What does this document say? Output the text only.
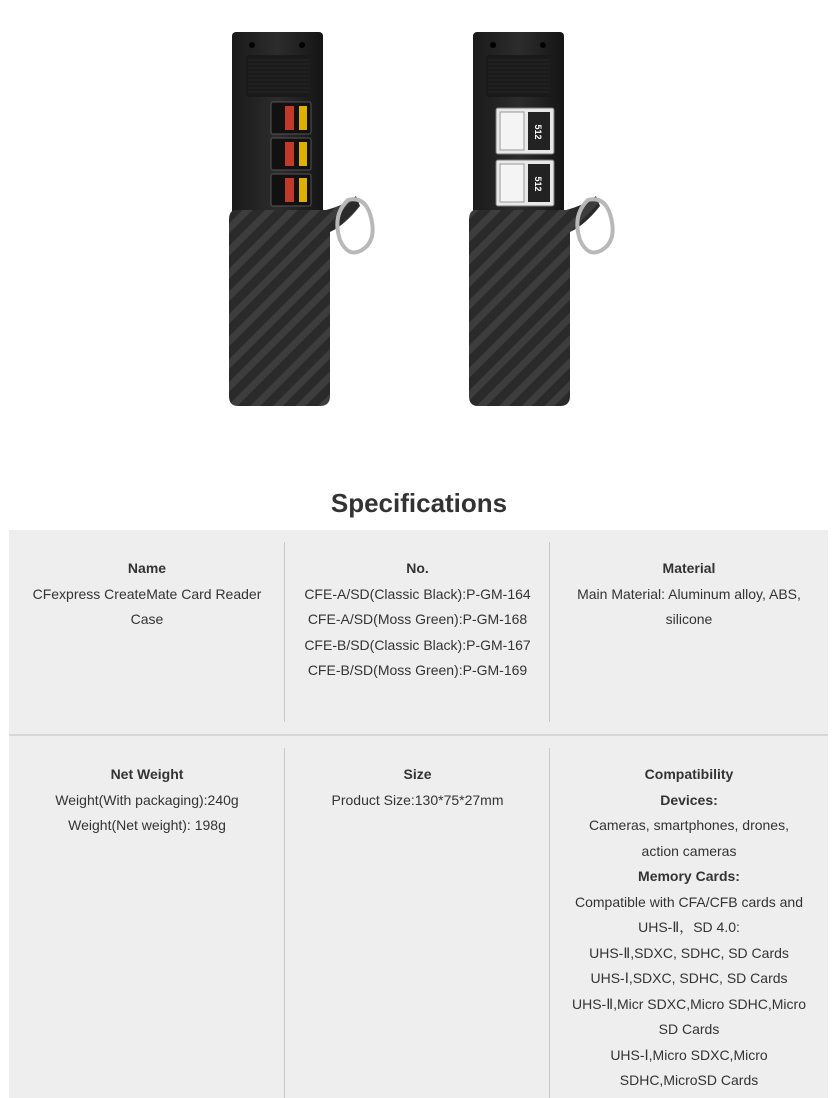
512
512
Specifications
Name
CFexpress CreateMate Card Reader
Case
No.
CFE-A/SD(Classic Black):P-GM-164
CFE-A/SD(Moss Green):P-GM-168
CFE-B/SD(Classic Black):P-GM-167
CFE-B/SD(Moss Green):P-GM-169
Material
Main Material: Aluminum alloy, ABS,
silicone
Net Weight
Weight(With packaging):240g
Weight(Net weight): 198g
Size
Product Size:130*75*27mm
Compatibility
Devices:
Cameras, smartphones, drones,
action cameras
Memory Cards:
Compatible with CFA/CFB cards and
UHS-Ⅱ，SD 4.0:
UHS-Ⅱ,SDXC, SDHC, SD Cards
UHS-Ⅰ,SDXC, SDHC, SD Cards
UHS-Ⅱ,Micr SDXC,Micro SDHC,Micro
SD Cards
UHS-Ⅰ,Micro SDXC,Micro
SDHC,MicroSD Cards
